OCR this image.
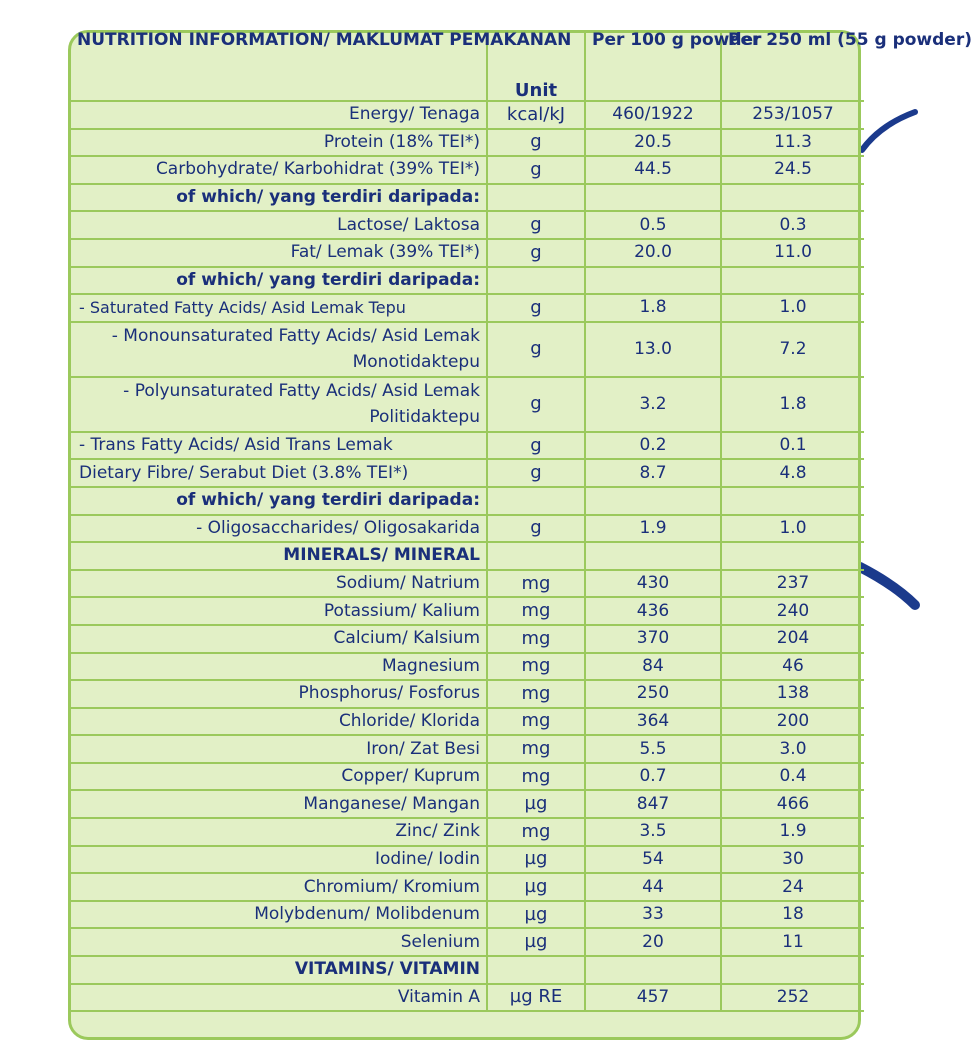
NUTRITION INFORMATION/ MAKLUMAT PEMAKANAN	Unit	Per 100 g powder	Per 250 ml (55 g powder)
Energy/ Tenaga	kcal/kJ	460/1922	253/1057
Protein (18% TEI*)	g	20.5	11.3
Carbohydrate/ Karbohidrat (39% TEI*)	g	44.5	24.5
of which/ yang terdiri daripada:			
Lactose/ Laktosa	g	0.5	0.3
Fat/ Lemak (39% TEI*)	g	20.0	11.0
of which/ yang terdiri daripada:			
- Saturated Fatty Acids/ Asid Lemak Tepu	g	1.8	1.0
- Monounsaturated Fatty Acids/ Asid Lemak Monotidaktepu	g	13.0	7.2
- Polyunsaturated Fatty Acids/ Asid Lemak Politidaktepu	g	3.2	1.8
- Trans Fatty Acids/ Asid Trans Lemak	g	0.2	0.1
Dietary Fibre/ Serabut Diet (3.8% TEI*)	g	8.7	4.8
of which/ yang terdiri daripada:			
- Oligosaccharides/ Oligosakarida	g	1.9	1.0
MINERALS/ MINERAL			
Sodium/ Natrium	mg	430	237
Potassium/ Kalium	mg	436	240
Calcium/ Kalsium	mg	370	204
Magnesium	mg	84	46
Phosphorus/ Fosforus	mg	250	138
Chloride/ Klorida	mg	364	200
Iron/ Zat Besi	mg	5.5	3.0
Copper/ Kuprum	mg	0.7	0.4
Manganese/ Mangan	µg	847	466
Zinc/ Zink	mg	3.5	1.9
Iodine/ Iodin	µg	54	30
Chromium/ Kromium	µg	44	24
Molybdenum/ Molibdenum	µg	33	18
Selenium	µg	20	11
VITAMINS/ VITAMIN			
Vitamin A	µg RE	457	252
